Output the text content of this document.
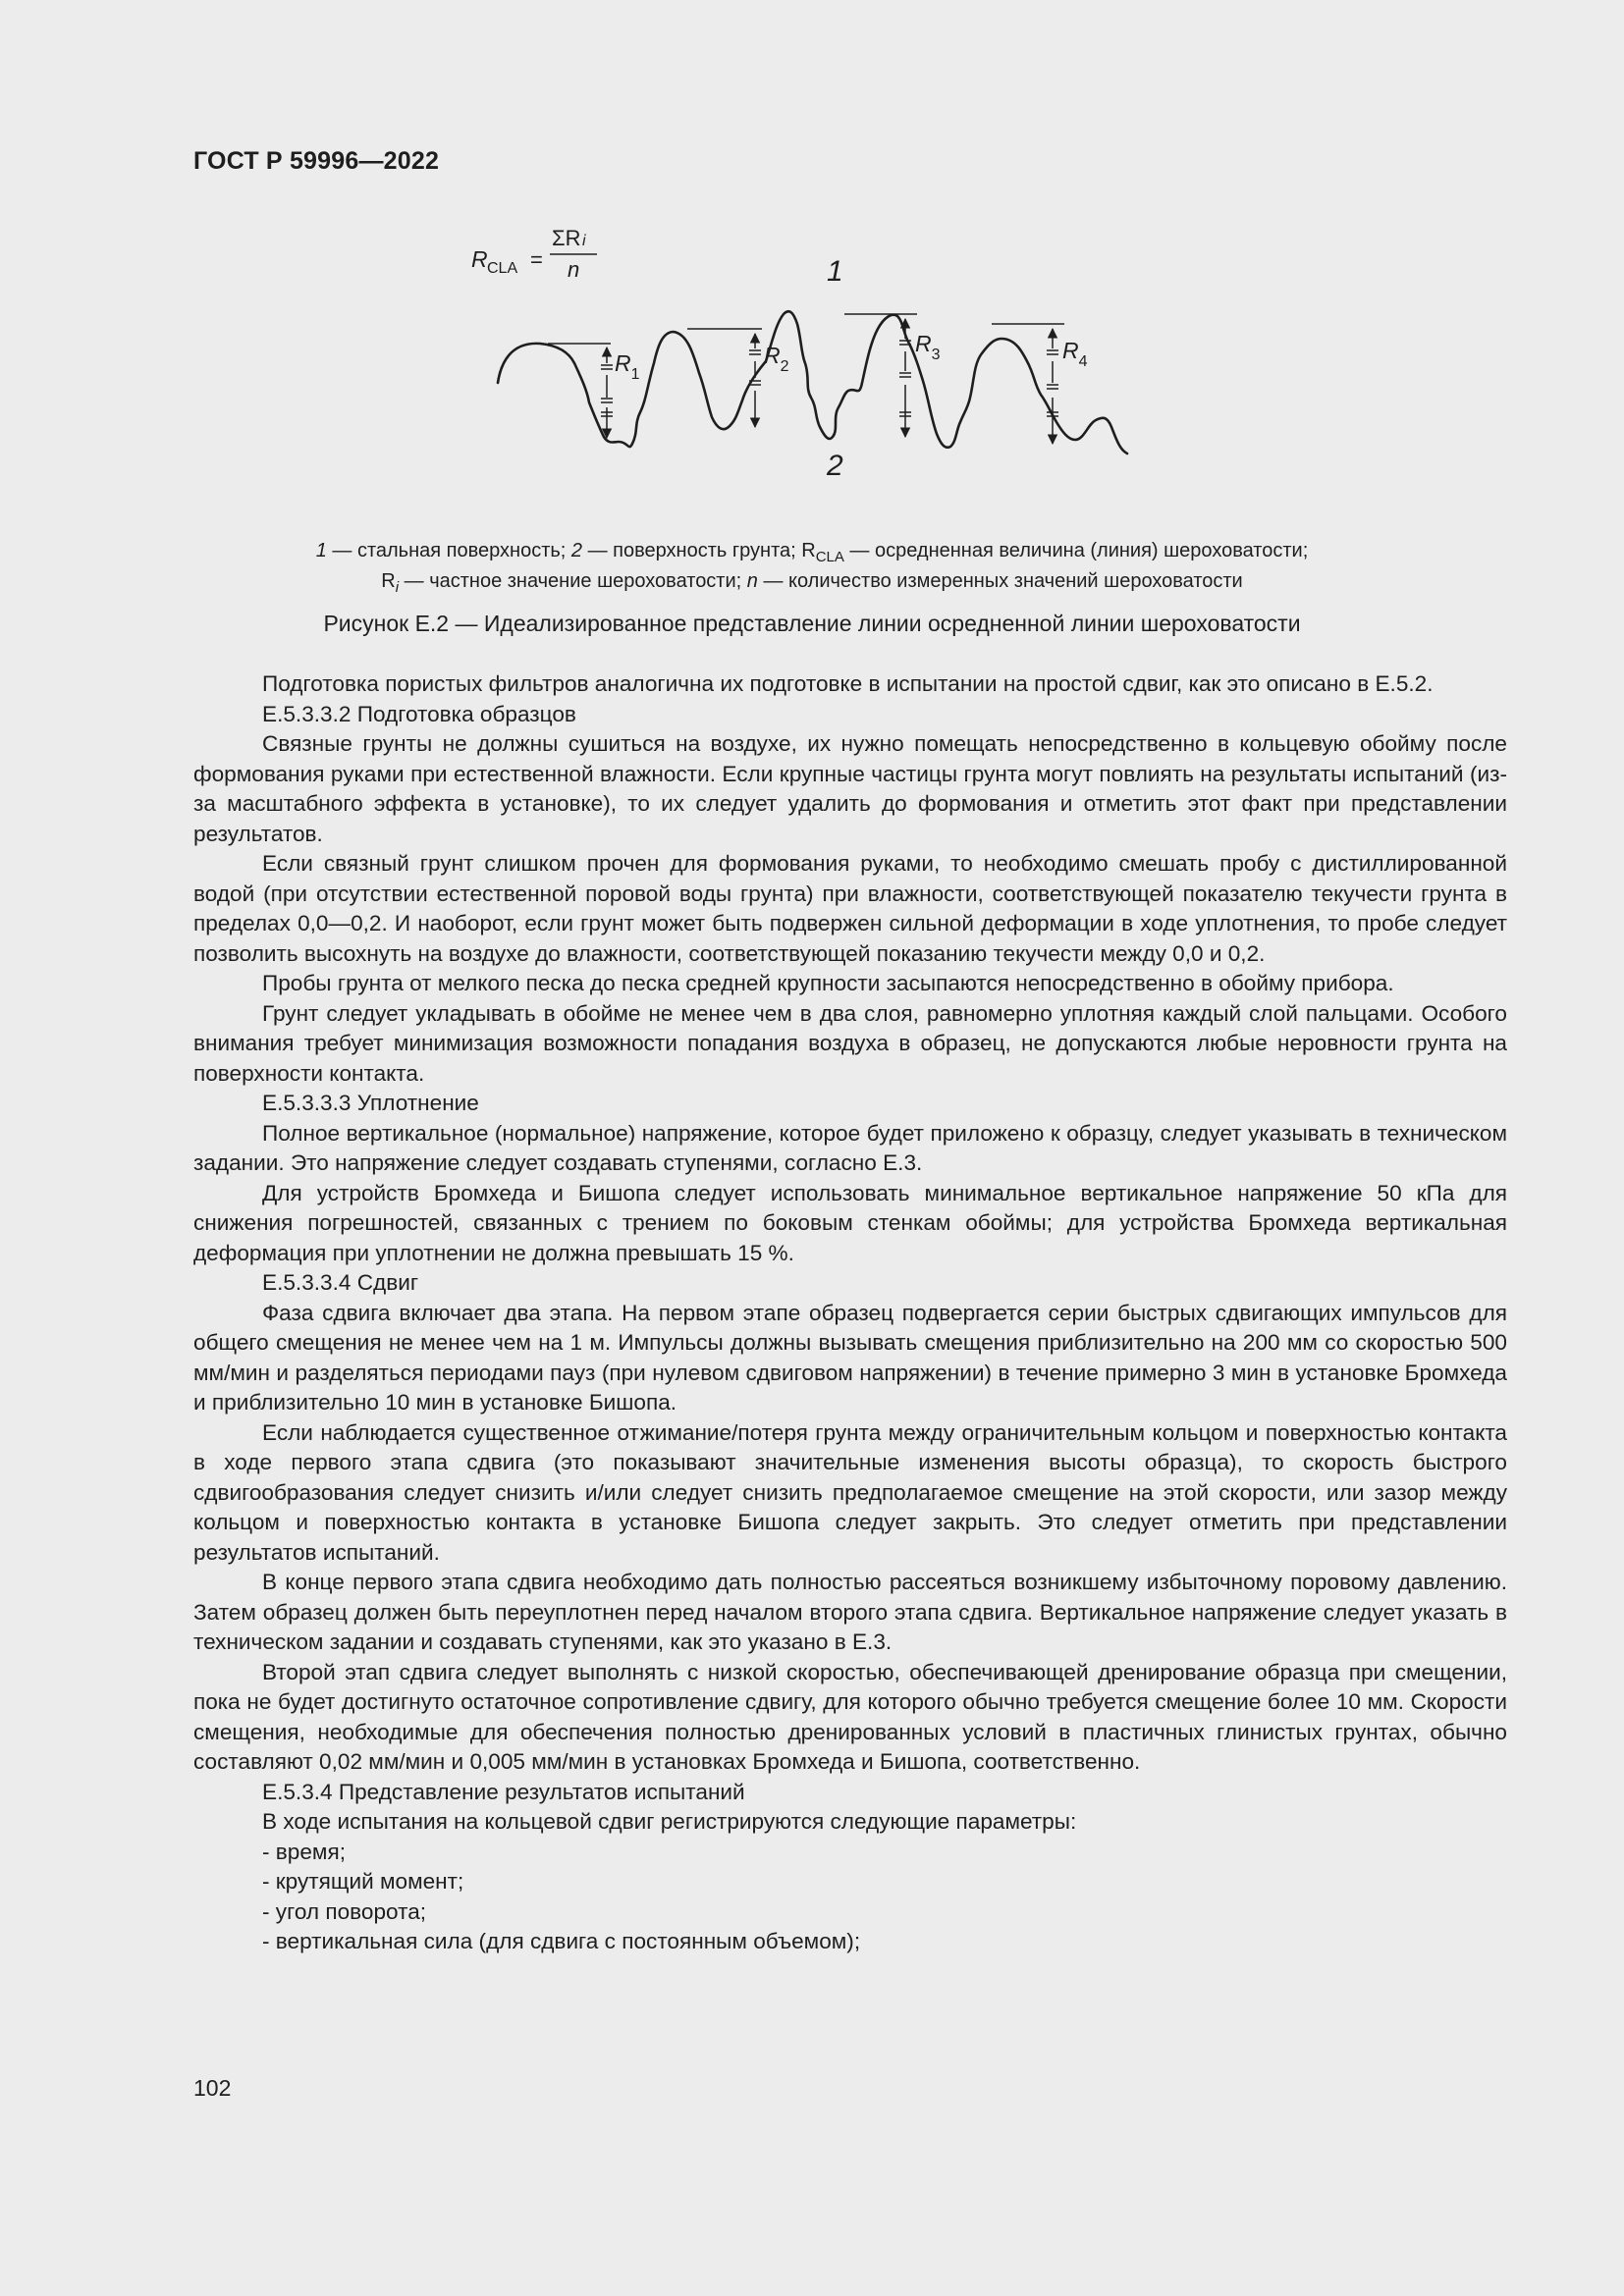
ГОСТ Р 59996—2022
$R_1$
$R_2$
$R_3$	$R_4$
1
2
R CLA =
ΣR i
n
1 — стальная поверхность; 2 — поверхность грунта; $R_{CLA}$ — осредненная величина (линия) шероховатости;
$R_i$ — частное значение шероховатости; n — количество измеренных значений шероховатости
Рисунок Е.2 — Идеализированное представление линии осредненной линии шероховатости

Подготовка пористых фильтров аналогична их подготовке в испытании на простой сдвиг, как это описано в Е.5.2.

Е.5.3.3.2 Подготовка образцов

Связные грунты не должны сушиться на воздухе, их нужно помещать непосредственно в кольцевую обойму после формования руками при естественной влажности. Если крупные частицы грунта могут повлиять на результаты испытаний (из-за масштабного эффекта в установке), то их следует удалить до формования и отметить этот факт при представлении результатов.

Если связный грунт слишком прочен для формования руками, то необходимо смешать пробу с дистиллированной водой (при отсутствии естественной поровой воды грунта) при влажности, соответствующей показателю текучести грунта в пределах 0,0—0,2. И наоборот, если грунт может быть подвержен сильной деформации в ходе уплотнения, то пробе следует позволить высохнуть на воздухе до влажности, соответствующей показанию текучести между 0,0 и 0,2.

Пробы грунта от мелкого песка до песка средней крупности засыпаются непосредственно в обойму прибора.

Грунт следует укладывать в обойме не менее чем в два слоя, равномерно уплотняя каждый слой пальцами. Особого внимания требует минимизация возможности попадания воздуха в образец, не допускаются любые неровности грунта на поверхности контакта.

Е.5.3.3.3 Уплотнение

Полное вертикальное (нормальное) напряжение, которое будет приложено к образцу, следует указывать в техническом задании. Это напряжение следует создавать ступенями, согласно Е.3.

Для устройств Бромхеда и Бишопа следует использовать минимальное вертикальное напряжение 50 кПа для снижения погрешностей, связанных с трением по боковым стенкам обоймы; для устройства Бромхеда вертикальная деформация при уплотнении не должна превышать 15 %.

Е.5.3.3.4 Сдвиг

Фаза сдвига включает два этапа. На первом этапе образец подвергается серии быстрых сдвигающих импульсов для общего смещения не менее чем на 1 м. Импульсы должны вызывать смещения приблизительно на 200 мм со скоростью 500 мм/мин и разделяться периодами пауз (при нулевом сдвиговом напряжении) в течение примерно 3 мин в установке Бромхеда и приблизительно 10 мин в установке Бишопа.

Если наблюдается существенное отжимание/потеря грунта между ограничительным кольцом и поверхностью контакта в ходе первого этапа сдвига (это показывают значительные изменения высоты образца), то скорость быстрого сдвигообразования следует снизить и/или следует снизить предполагаемое смещение на этой скорости, или зазор между кольцом и поверхностью контакта в установке Бишопа следует закрыть. Это следует отметить при представлении результатов испытаний.

В конце первого этапа сдвига необходимо дать полностью рассеяться возникшему избыточному поровому давлению. Затем образец должен быть переуплотнен перед началом второго этапа сдвига. Вертикальное напряжение следует указать в техническом задании и создавать ступенями, как это указано в Е.3.

Второй этап сдвига следует выполнять с низкой скоростью, обеспечивающей дренирование образца при смещении, пока не будет достигнуто остаточное сопротивление сдвигу, для которого обычно требуется смещение более 10 мм. Скорости смещения, необходимые для обеспечения полностью дренированных условий в пластичных глинистых грунтах, обычно составляют 0,02 мм/мин и 0,005 мм/мин в установках Бромхеда и Бишопа, соответственно.

Е.5.3.4 Представление результатов испытаний

В ходе испытания на кольцевой сдвиг регистрируются следующие параметры:

- время;

- крутящий момент;

- угол поворота;

- вертикальная сила (для сдвига с постоянным объемом);

102
